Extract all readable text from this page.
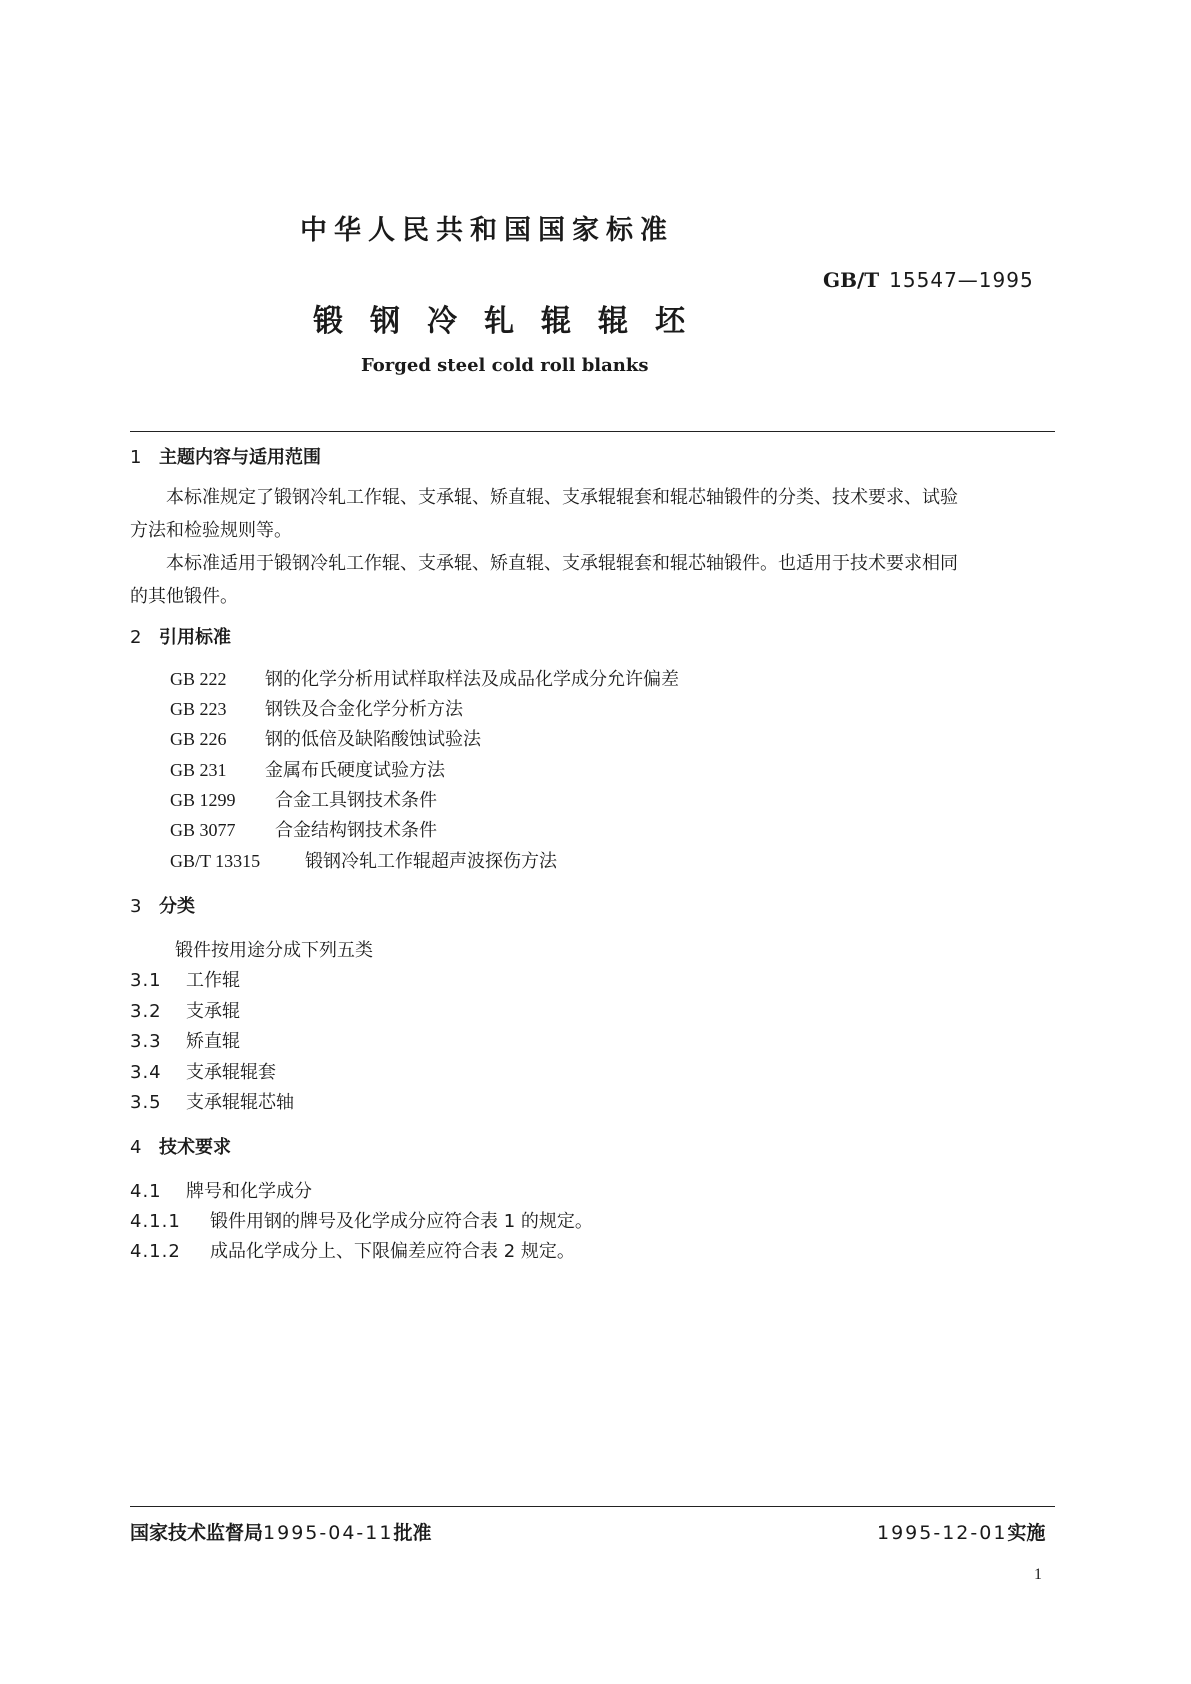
中华人民共和国国家标准
GB/T 15547—1995
锻钢冷轧辊辊坯
Forged steel cold roll blanks
1 主题内容与适用范围
本标准规定了锻钢冷轧工作辊、支承辊、矫直辊、支承辊辊套和辊芯轴锻件的分类、技术要求、试验
方法和检验规则等。
本标准适用于锻钢冷轧工作辊、支承辊、矫直辊、支承辊辊套和辊芯轴锻件。也适用于技术要求相同
的其他锻件。
2 引用标准
GB 222 钢的化学分析用试样取样法及成品化学成分允许偏差
GB 223 钢铁及合金化学分析方法
GB 226 钢的低倍及缺陷酸蚀试验法
GB 231 金属布氏硬度试验方法
GB 1299 合金工具钢技术条件
GB 3077 合金结构钢技术条件
GB/T 13315 锻钢冷轧工作辊超声波探伤方法
3 分类
锻件按用途分成下列五类
3.1 工作辊
3.2 支承辊
3.3 矫直辊
3.4 支承辊辊套
3.5 支承辊辊芯轴
4 技术要求
4.1 牌号和化学成分
4.1.1 锻件用钢的牌号及化学成分应符合表 1 的规定。
4.1.2 成品化学成分上、下限偏差应符合表 2 规定。
国家技术监督局1995-04-11批准	1995-12-01实施
1
